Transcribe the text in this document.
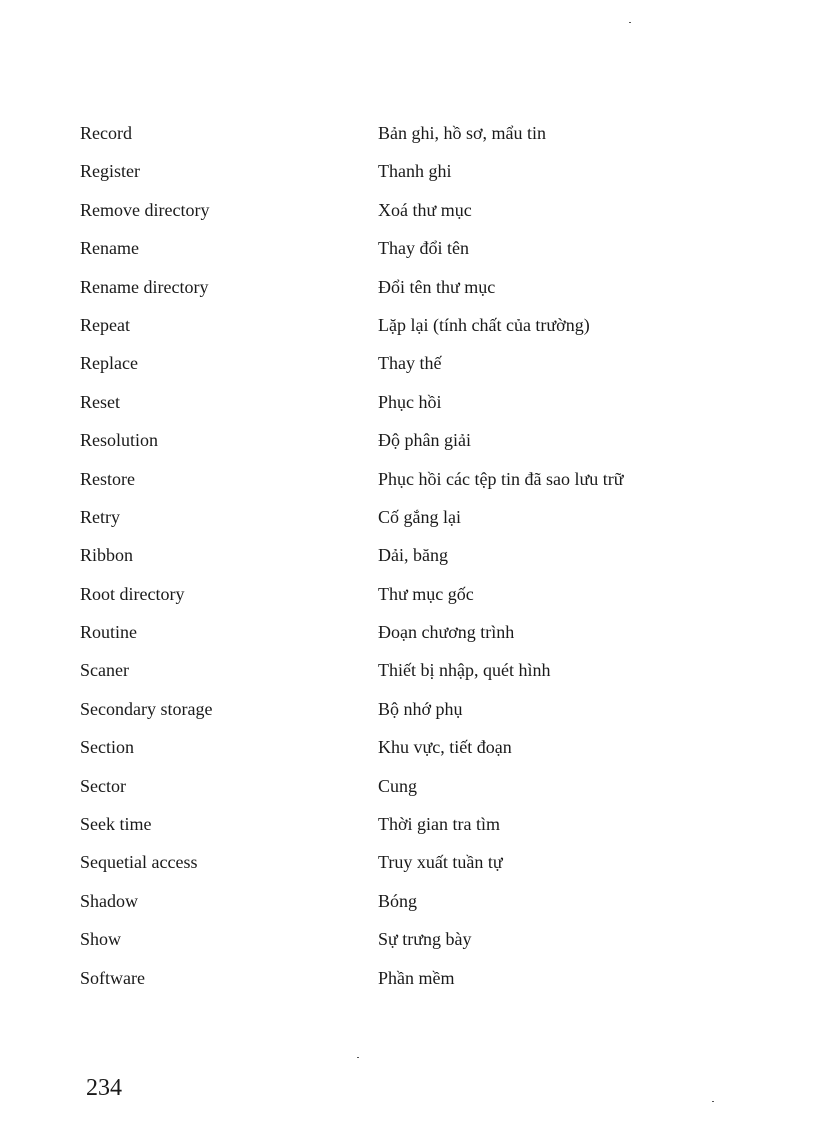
Record	Bản ghi, hồ sơ, mẩu tin
Register	Thanh ghi
Remove directory	Xoá thư mục
Rename	Thay đổi tên
Rename directory	Đổi tên thư mục
Repeat	Lặp lại (tính chất của trường)
Replace	Thay thế
Reset	Phục hồi
Resolution	Độ phân giải
Restore	Phục hồi các tệp tin đã sao lưu trữ
Retry	Cố gắng lại
Ribbon	Dải, băng
Root directory	Thư mục gốc
Routine	Đoạn chương trình
Scaner	Thiết bị nhập, quét hình
Secondary storage	Bộ nhớ phụ
Section	Khu vực, tiết đoạn
Sector	Cung
Seek time	Thời gian tra tìm
Sequetial access	Truy xuất tuần tự
Shadow	Bóng
Show	Sự trưng bày
Software	Phần mềm
234
